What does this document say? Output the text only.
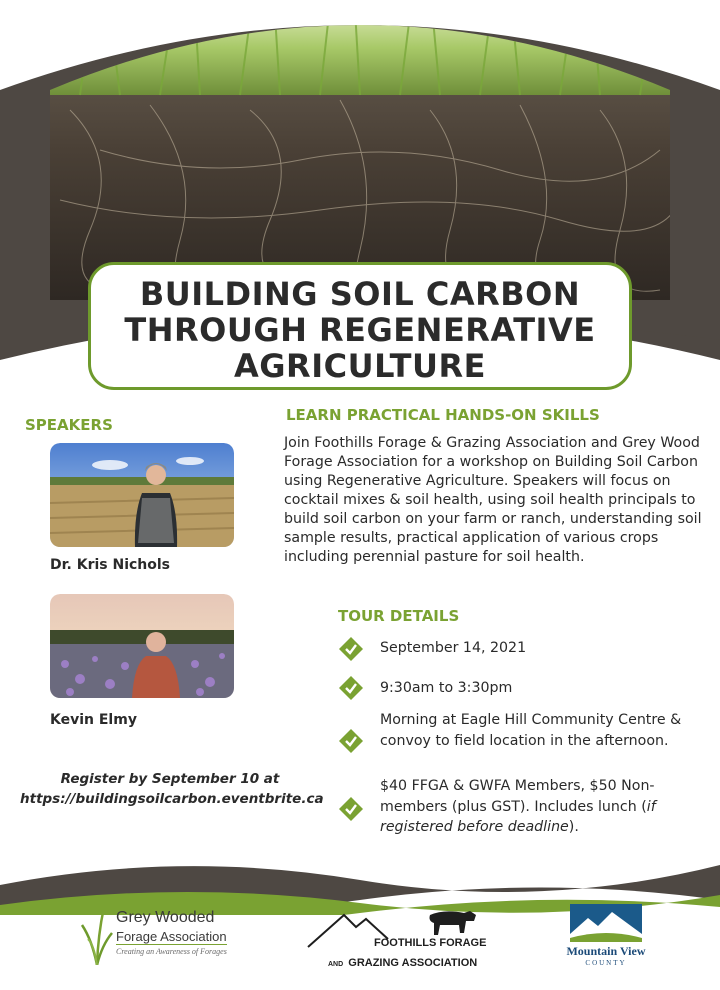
BUILDING SOIL CARBON
THROUGH REGENERATIVE
AGRICULTURE
SPEAKERS
Dr. Kris Nichols
Kevin Elmy
Register by September 10 at
https://buildingsoilcarbon.eventbrite.ca
LEARN PRACTICAL HANDS-ON SKILLS
Join Foothills Forage & Grazing Association and Grey Wood Forage Association for a workshop on Building Soil Carbon using Regenerative Agriculture. Speakers will focus on cocktail mixes & soil health, using soil health principals to build soil carbon on your farm or ranch, understanding soil sample results, practical application of various crops including perennial pasture for soil health.
TOUR DETAILS
September 14, 2021
9:30am to 3:30pm
Morning at Eagle Hill Community Centre & convoy to field location in the afternoon.
$40 FFGA & GWFA Members, $50 Non-members (plus GST). Includes lunch (if registered before deadline).
Grey Wooded
Forage Association
Creating an Awareness of Forages
FOOTHILLS FORAGE
AND GRAZING ASSOCIATION
Mountain View
COUNTY
